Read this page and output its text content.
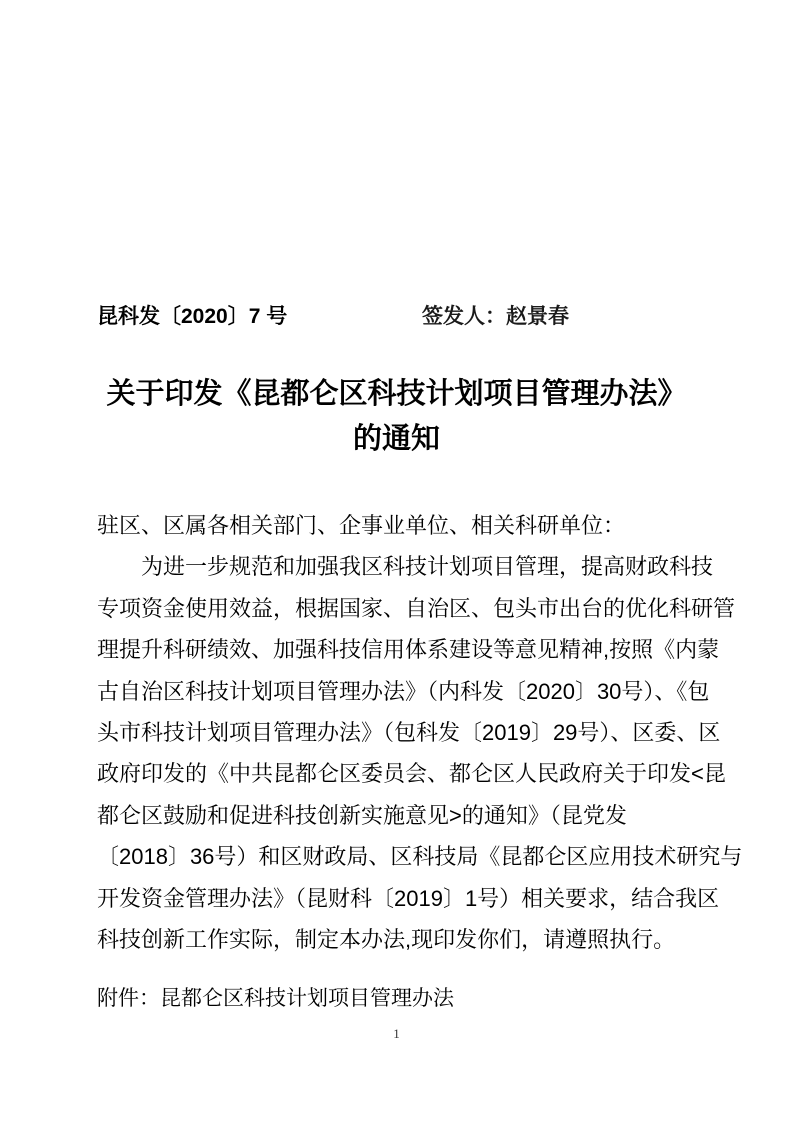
昆科发〔2020〕7 号	签发人：赵景春
关于印发《昆都仑区科技计划项目管理办法》
的通知
驻区、区属各相关部门、企事业单位、相关科研单位：
　　为进一步规范和加强我区科技计划项目管理，提高财政科技
专项资金使用效益，根据国家、自治区、包头市出台的优化科研管
理提升科研绩效、加强科技信用体系建设等意见精神,按照《内蒙
古自治区科技计划项目管理办法》（内科发〔2020〕30号）、《包
头市科技计划项目管理办法》（包科发〔2019〕29号）、区委、区
政府印发的《中共昆都仑区委员会、都仑区人民政府关于印发<昆
都仑区鼓励和促进科技创新实施意见>的通知》（昆党发
〔2018〕36号）和区财政局、区科技局《昆都仑区应用技术研究与
开发资金管理办法》（昆财科〔2019〕1号）相关要求，结合我区
科技创新工作实际，制定本办法,现印发你们，请遵照执行。
附件：昆都仑区科技计划项目管理办法
1
